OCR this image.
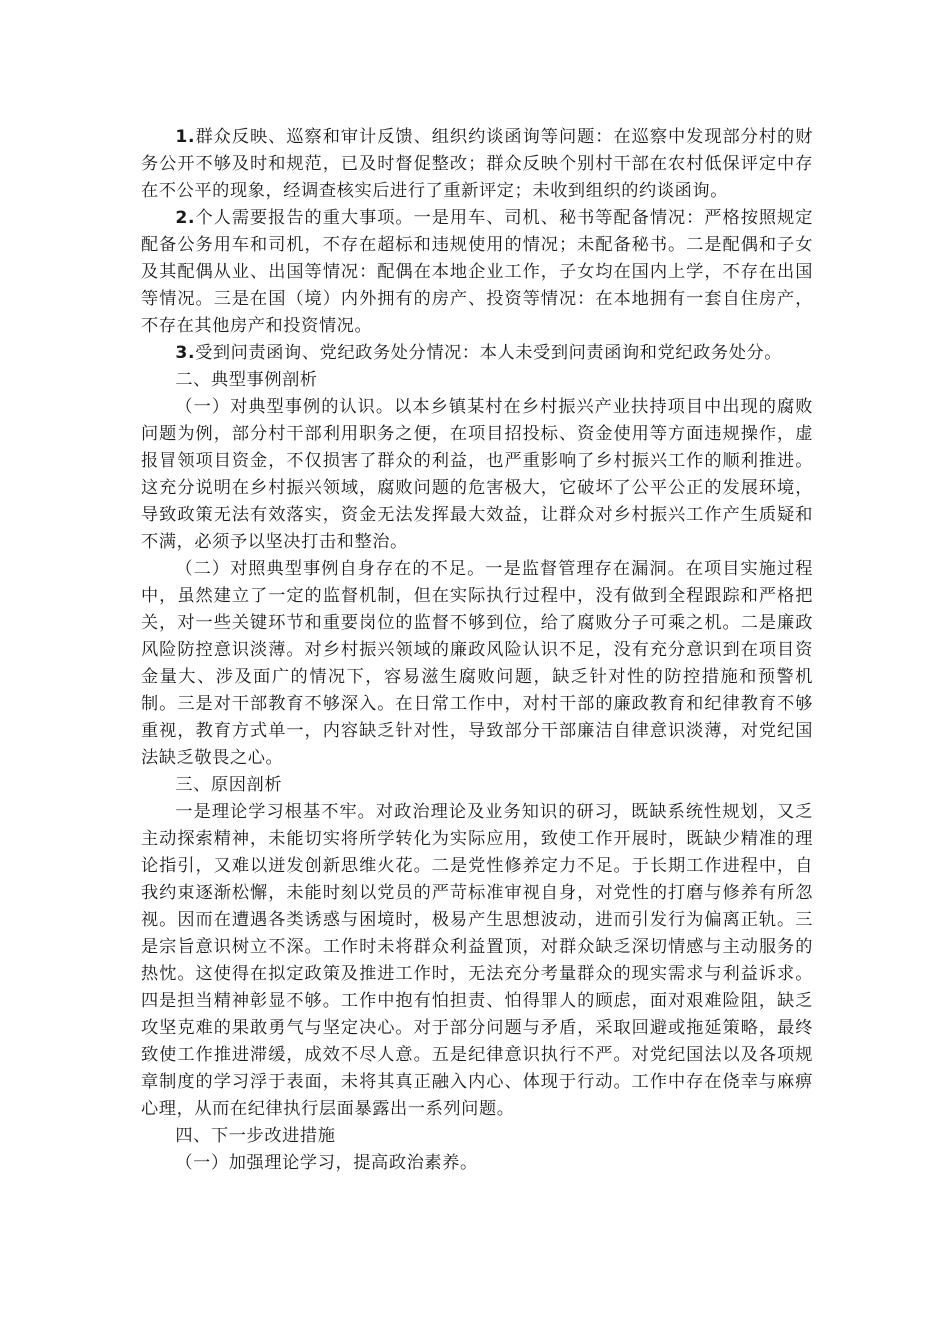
1.群众反映、巡察和审计反馈、组织约谈函询等问题：在巡察中发现部分村的财务公开不够及时和规范，已及时督促整改；群众反映个别村干部在农村低保评定中存在不公平的现象，经调查核实后进行了重新评定；未收到组织的约谈函询。

2.个人需要报告的重大事项。一是用车、司机、秘书等配备情况：严格按照规定配备公务用车和司机，不存在超标和违规使用的情况；未配备秘书。二是配偶和子女及其配偶从业、出国等情况：配偶在本地企业工作，子女均在国内上学，不存在出国等情况。三是在国（境）内外拥有的房产、投资等情况：在本地拥有一套自住房产，不存在其他房产和投资情况。

3.受到问责函询、党纪政务处分情况：本人未受到问责函询和党纪政务处分。

二、典型事例剖析

（一）对典型事例的认识。以本乡镇某村在乡村振兴产业扶持项目中出现的腐败问题为例，部分村干部利用职务之便，在项目招投标、资金使用等方面违规操作，虚报冒领项目资金，不仅损害了群众的利益，也严重影响了乡村振兴工作的顺利推进。这充分说明在乡村振兴领域，腐败问题的危害极大，它破坏了公平公正的发展环境，导致政策无法有效落实，资金无法发挥最大效益，让群众对乡村振兴工作产生质疑和不满，必须予以坚决打击和整治。

（二）对照典型事例自身存在的不足。一是监督管理存在漏洞。在项目实施过程中，虽然建立了一定的监督机制，但在实际执行过程中，没有做到全程跟踪和严格把关，对一些关键环节和重要岗位的监督不够到位，给了腐败分子可乘之机。二是廉政风险防控意识淡薄。对乡村振兴领域的廉政风险认识不足，没有充分意识到在项目资金量大、涉及面广的情况下，容易滋生腐败问题，缺乏针对性的防控措施和预警机制。三是对干部教育不够深入。在日常工作中，对村干部的廉政教育和纪律教育不够重视，教育方式单一，内容缺乏针对性，导致部分干部廉洁自律意识淡薄，对党纪国法缺乏敬畏之心。

三、原因剖析

一是理论学习根基不牢。对政治理论及业务知识的研习，既缺系统性规划，又乏主动探索精神，未能切实将所学转化为实际应用，致使工作开展时，既缺少精准的理论指引，又难以迸发创新思维火花。二是党性修养定力不足。于长期工作进程中，自我约束逐渐松懈，未能时刻以党员的严苛标准审视自身，对党性的打磨与修养有所忽视。因而在遭遇各类诱惑与困境时，极易产生思想波动，进而引发行为偏离正轨。三是宗旨意识树立不深。工作时未将群众利益置顶，对群众缺乏深切情感与主动服务的热忱。这使得在拟定政策及推进工作时，无法充分考量群众的现实需求与利益诉求。四是担当精神彰显不够。工作中抱有怕担责、怕得罪人的顾虑，面对艰难险阻，缺乏攻坚克难的果敢勇气与坚定决心。对于部分问题与矛盾，采取回避或拖延策略，最终致使工作推进滞缓，成效不尽人意。五是纪律意识执行不严。对党纪国法以及各项规章制度的学习浮于表面，未将其真正融入内心、体现于行动。工作中存在侥幸与麻痹心理，从而在纪律执行层面暴露出一系列问题。

四、下一步改进措施

（一）加强理论学习，提高政治素养。
